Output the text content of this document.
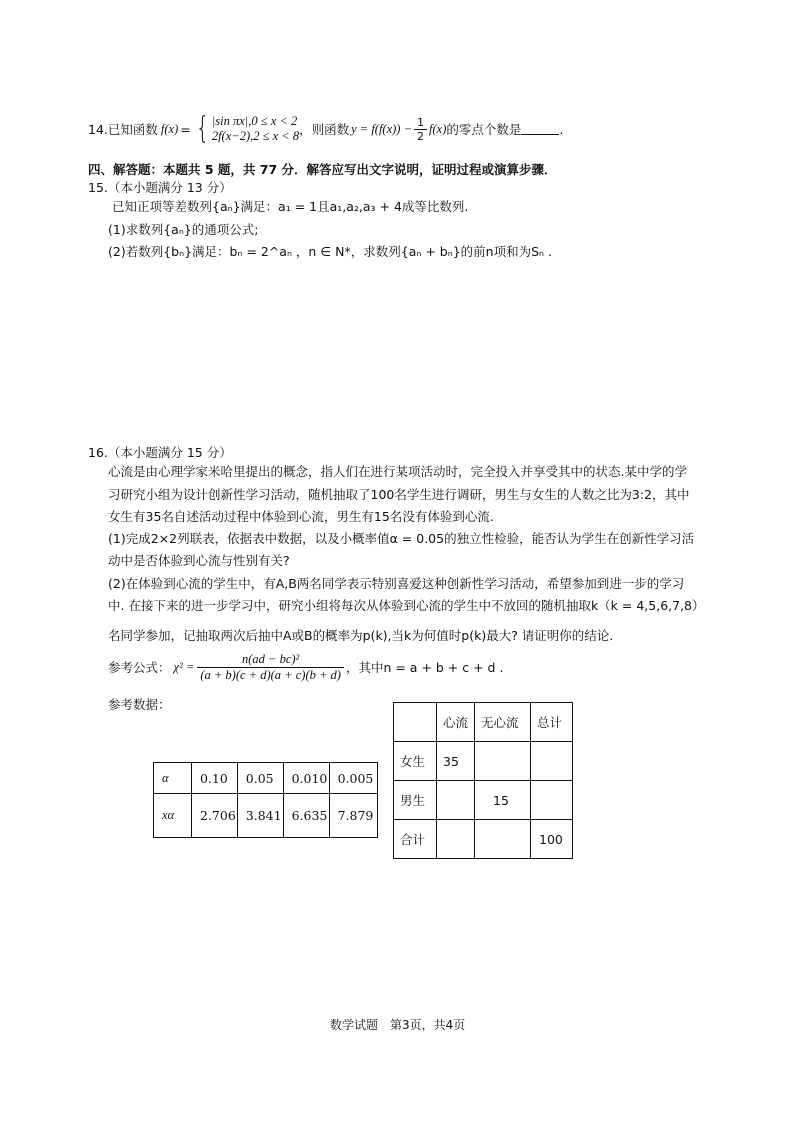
14.已知函数 f(x) = { |sin πx|,0 ≤ x < 2
2f(x−2),2 ≤ x < 8 ，则函数 $y = f(f(x)) - \frac{1}{2} f(x)$ 的零点个数是	.
四、解答题：本题共 5 题，共 77 分．解答应写出文字说明，证明过程或演算步骤．
15.（本小题满分 13 分）
已知正项等差数列{aₙ}满足：a₁ = 1且a₁,a₂,a₃ + 4成等比数列.
(1)求数列{aₙ}的通项公式;
(2)若数列{bₙ}满足：bₙ = 2^aₙ ，n ∈ N*，求数列{aₙ + bₙ}的前n项和为Sₙ .
16.（本小题满分 15 分）
心流是由心理学家米哈里提出的概念，指人们在进行某项活动时，完全投入并享受其中的状态.某中学的学
习研究小组为设计创新性学习活动，随机抽取了100名学生进行调研，男生与女生的人数之比为3:2，其中
女生有35名自述活动过程中体验到心流，男生有15名没有体验到心流.
(1)完成2×2列联表，依据表中数据，以及小概率值α = 0.05的独立性检验，能否认为学生在创新性学习活
动中是否体验到心流与性别有关?
(2)在体验到心流的学生中，有A,B两名同学表示特别喜爱这种创新性学习活动，希望参加到进一步的学习
中. 在接下来的进一步学习中，研究小组将每次从体验到心流的学生中不放回的随机抽取k（k = 4,5,6,7,8）
名同学参加，记抽取两次后抽中A或B的概率为p(k),当k为何值时p(k)最大? 请证明你的结论.
参考公式： $\chi^2 = \frac{\text{n(ad − bc)²}}{(a + b)(c + d)(a + c)(b + d)}$ ，其中n = a + b + c + d .
参考数据：
α	0.10	0.05	0.010	0.005
xα	2.706	3.841	6.635	7.879
	心流	无心流	总计
女生	35		
男生		15	
合计			100
数学试题　第3页，共4页
